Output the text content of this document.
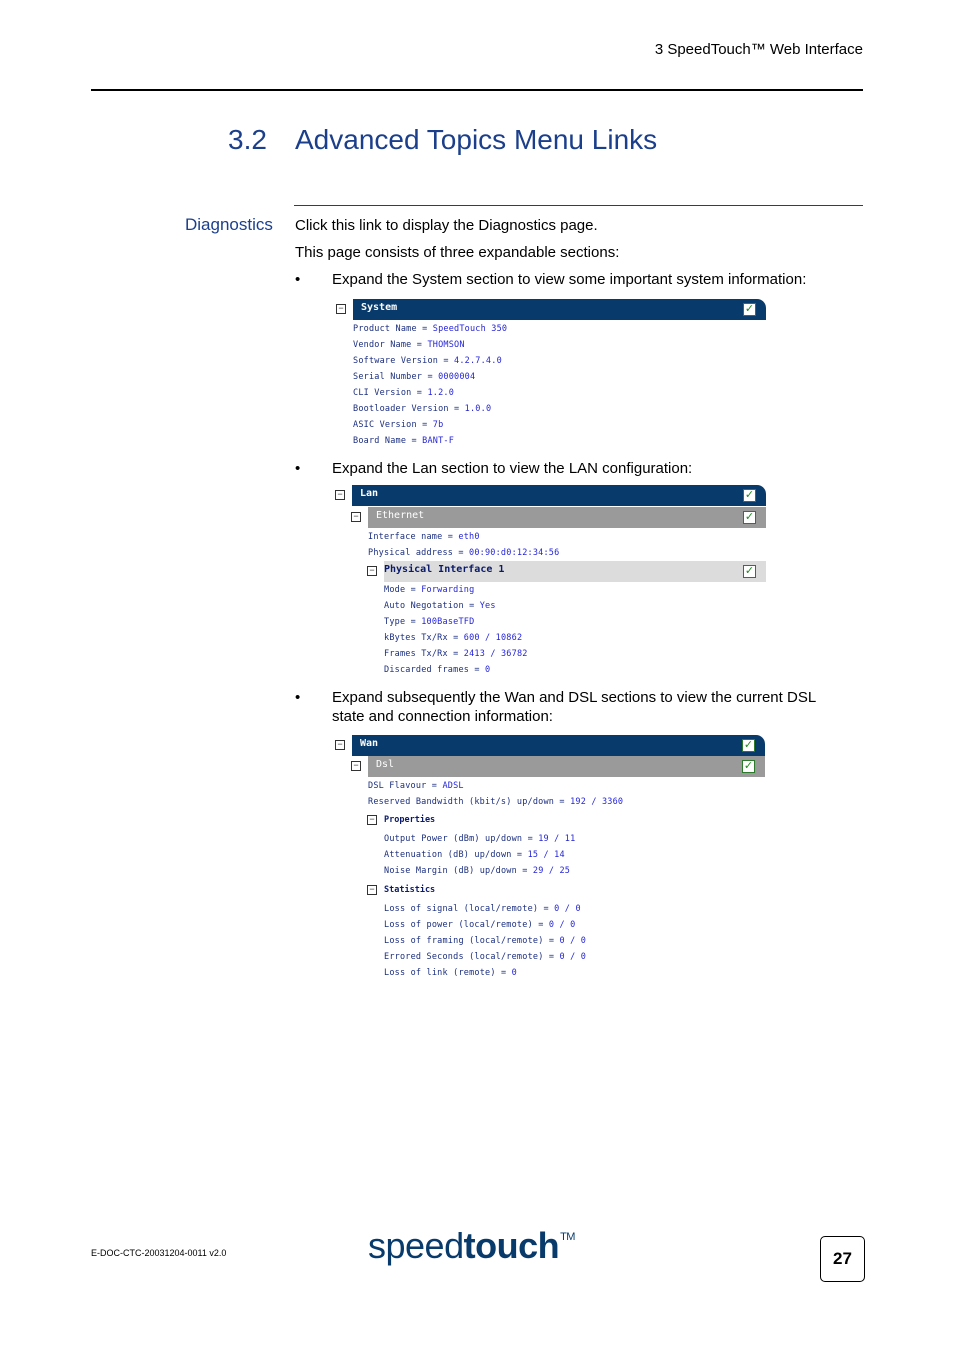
3 SpeedTouch™ Web Interface
3.2 Advanced Topics Menu Links
Diagnostics Click this link to display the Diagnostics page.
This page consists of three expandable sections:
• Expand the System section to view some important system information:
− System	✓
Product Name = SpeedTouch 350
Vendor Name = THOMSON
Software Version = 4.2.7.4.0
Serial Number = 0000004
CLI Version = 1.2.0
Bootloader Version = 1.0.0
ASIC Version = 7b
Board Name = BANT-F
• Expand the Lan section to view the LAN configuration:
− Lan	✓
− Ethernet	✓
Interface name = eth0
Physical address = 00:90:d0:12:34:56
− Physical Interface 1	✓
Mode = Forwarding
Auto Negotation = Yes
Type = 100BaseTFD
kBytes Tx/Rx = 600 / 10862
Frames Tx/Rx = 2413 / 36782
Discarded frames = 0
• Expand subsequently the Wan and DSL sections to view the current DSL state and connection information:
− Wan	✓
− Dsl	✓
DSL Flavour = ADSL
Reserved Bandwidth (kbit/s) up/down = 192 / 3360
− Properties
Output Power (dBm) up/down = 19 / 11
Attenuation (dB) up/down = 15 / 14
Noise Margin (dB) up/down = 29 / 25
− Statistics
Loss of signal (local/remote) = 0 / 0
Loss of power (local/remote) = 0 / 0
Loss of framing (local/remote) = 0 / 0
Errored Seconds (local/remote) = 0 / 0
Loss of link (remote) = 0
E-DOC-CTC-20031204-0011 v2.0	speedtouch™
27
